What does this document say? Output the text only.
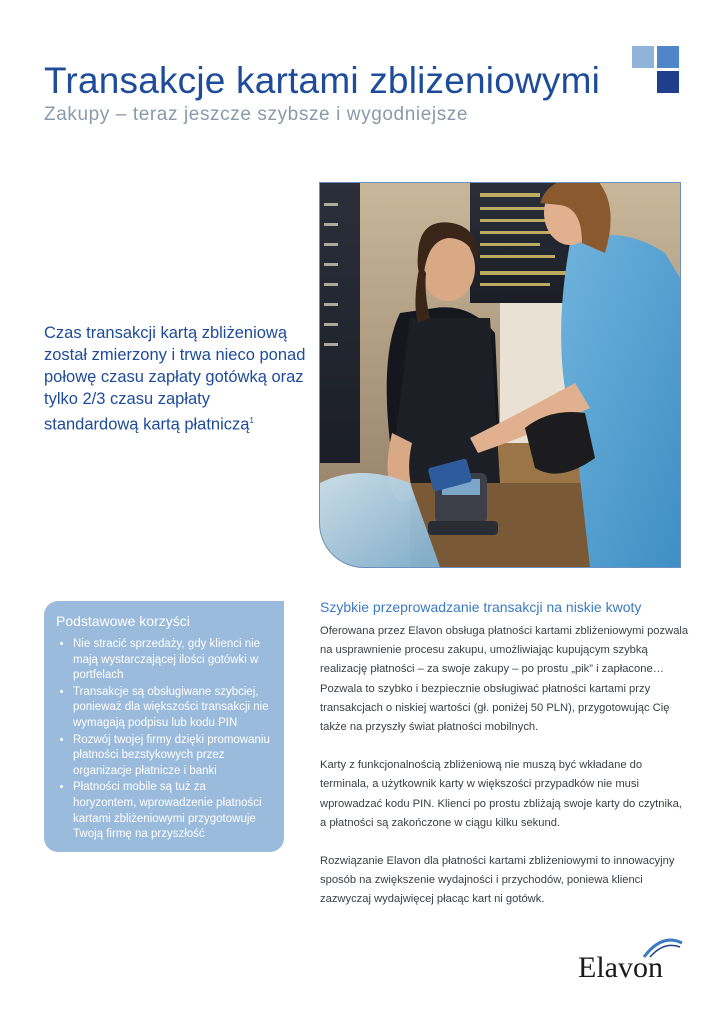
Transakcje kartami zbliżeniowymi
Zakupy – teraz jeszcze szybsze i wygodniejsze
Czas transakcji kartą zbliżeniową został zmierzony i trwa nieco ponad połowę czasu zapłaty gotówką oraz tylko 2/3 czasu zapłaty standardową kartą płatniczą$^1$
Podstawowe korzyści
• Nie stracić sprzedaży, gdy klienci nie mają wystarczającej ilości gotówki w portfelach
• Transakcje są obsługiwane szybciej, ponieważ dla większości transakcji nie wymagają podpisu lub kodu PIN
• Rozwój twojej firmy dzięki promowaniu płatności bezstykowych przez organizacje płatnicze i banki
• Płatności mobile są tuż za horyzontem, wprowadzenie płatności kartami zbliżeniowymi przygotowuje Twoją firmę na przyszłość
Szybkie przeprowadzanie transakcji na niskie kwoty

Oferowana przez Elavon obsługa płatności kartami zbliżeniowymi pozwala na usprawnienie procesu zakupu, umożliwiając kupującym szybką realizację płatności – za swoje zakupy – po prostu „pik” i zapłacone… Pozwala to szybko i bezpiecznie obsługiwać płatności kartami przy transakcjach o niskiej wartości (gł. poniżej 50 PLN), przygotowując Cię także na przyszły świat płatności mobilnych.

Karty z funkcjonalnością zbliżeniową nie muszą być wkładane do terminala, a użytkownik karty w większości przypadków nie musi wprowadzać kodu PIN. Klienci po prostu zbliżają swoje karty do czytnika, a płatności są zakończone w ciągu kilku sekund.

Rozwiązanie Elavon dla płatności kartami zbliżeniowymi to innowacyjny sposób na zwiększenie wydajności i przychodów, poniewa klienci zazwyczaj wydajwięcej płacąc kart ni gotówk.

Elavon
